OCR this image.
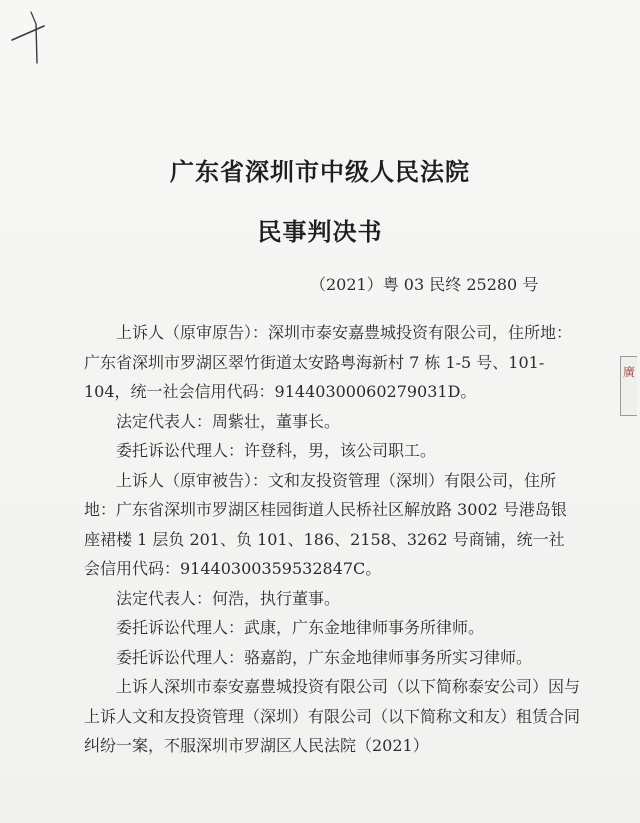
广东省深圳市中级人民法院
民事判决书
（2021）粤 03 民终 25280 号

上诉人（原审原告）：深圳市泰安嘉豊城投资有限公司，住所地：广东省深圳市罗湖区翠竹街道太安路粤海新村 7 栋 1-5 号、101-104，统一社会信用代码：91440300060279031D。

法定代表人：周紫壮，董事长。

委托诉讼代理人：许登科，男，该公司职工。

上诉人（原审被告）：文和友投资管理（深圳）有限公司，住所地：广东省深圳市罗湖区桂园街道人民桥社区解放路 3002 号港岛银座裙楼 1 层负 201、负 101、186、2158、3262 号商铺，统一社会信用代码：91440300359532847C。

法定代表人：何浩，执行董事。

委托诉讼代理人：武康，广东金地律师事务所律师。

委托诉讼代理人：骆嘉韵，广东金地律师事务所实习律师。

上诉人深圳市泰安嘉豊城投资有限公司（以下简称泰安公司）因与上诉人文和友投资管理（深圳）有限公司（以下简称文和友）租赁合同纠纷一案，不服深圳市罗湖区人民法院（2021）

廣
